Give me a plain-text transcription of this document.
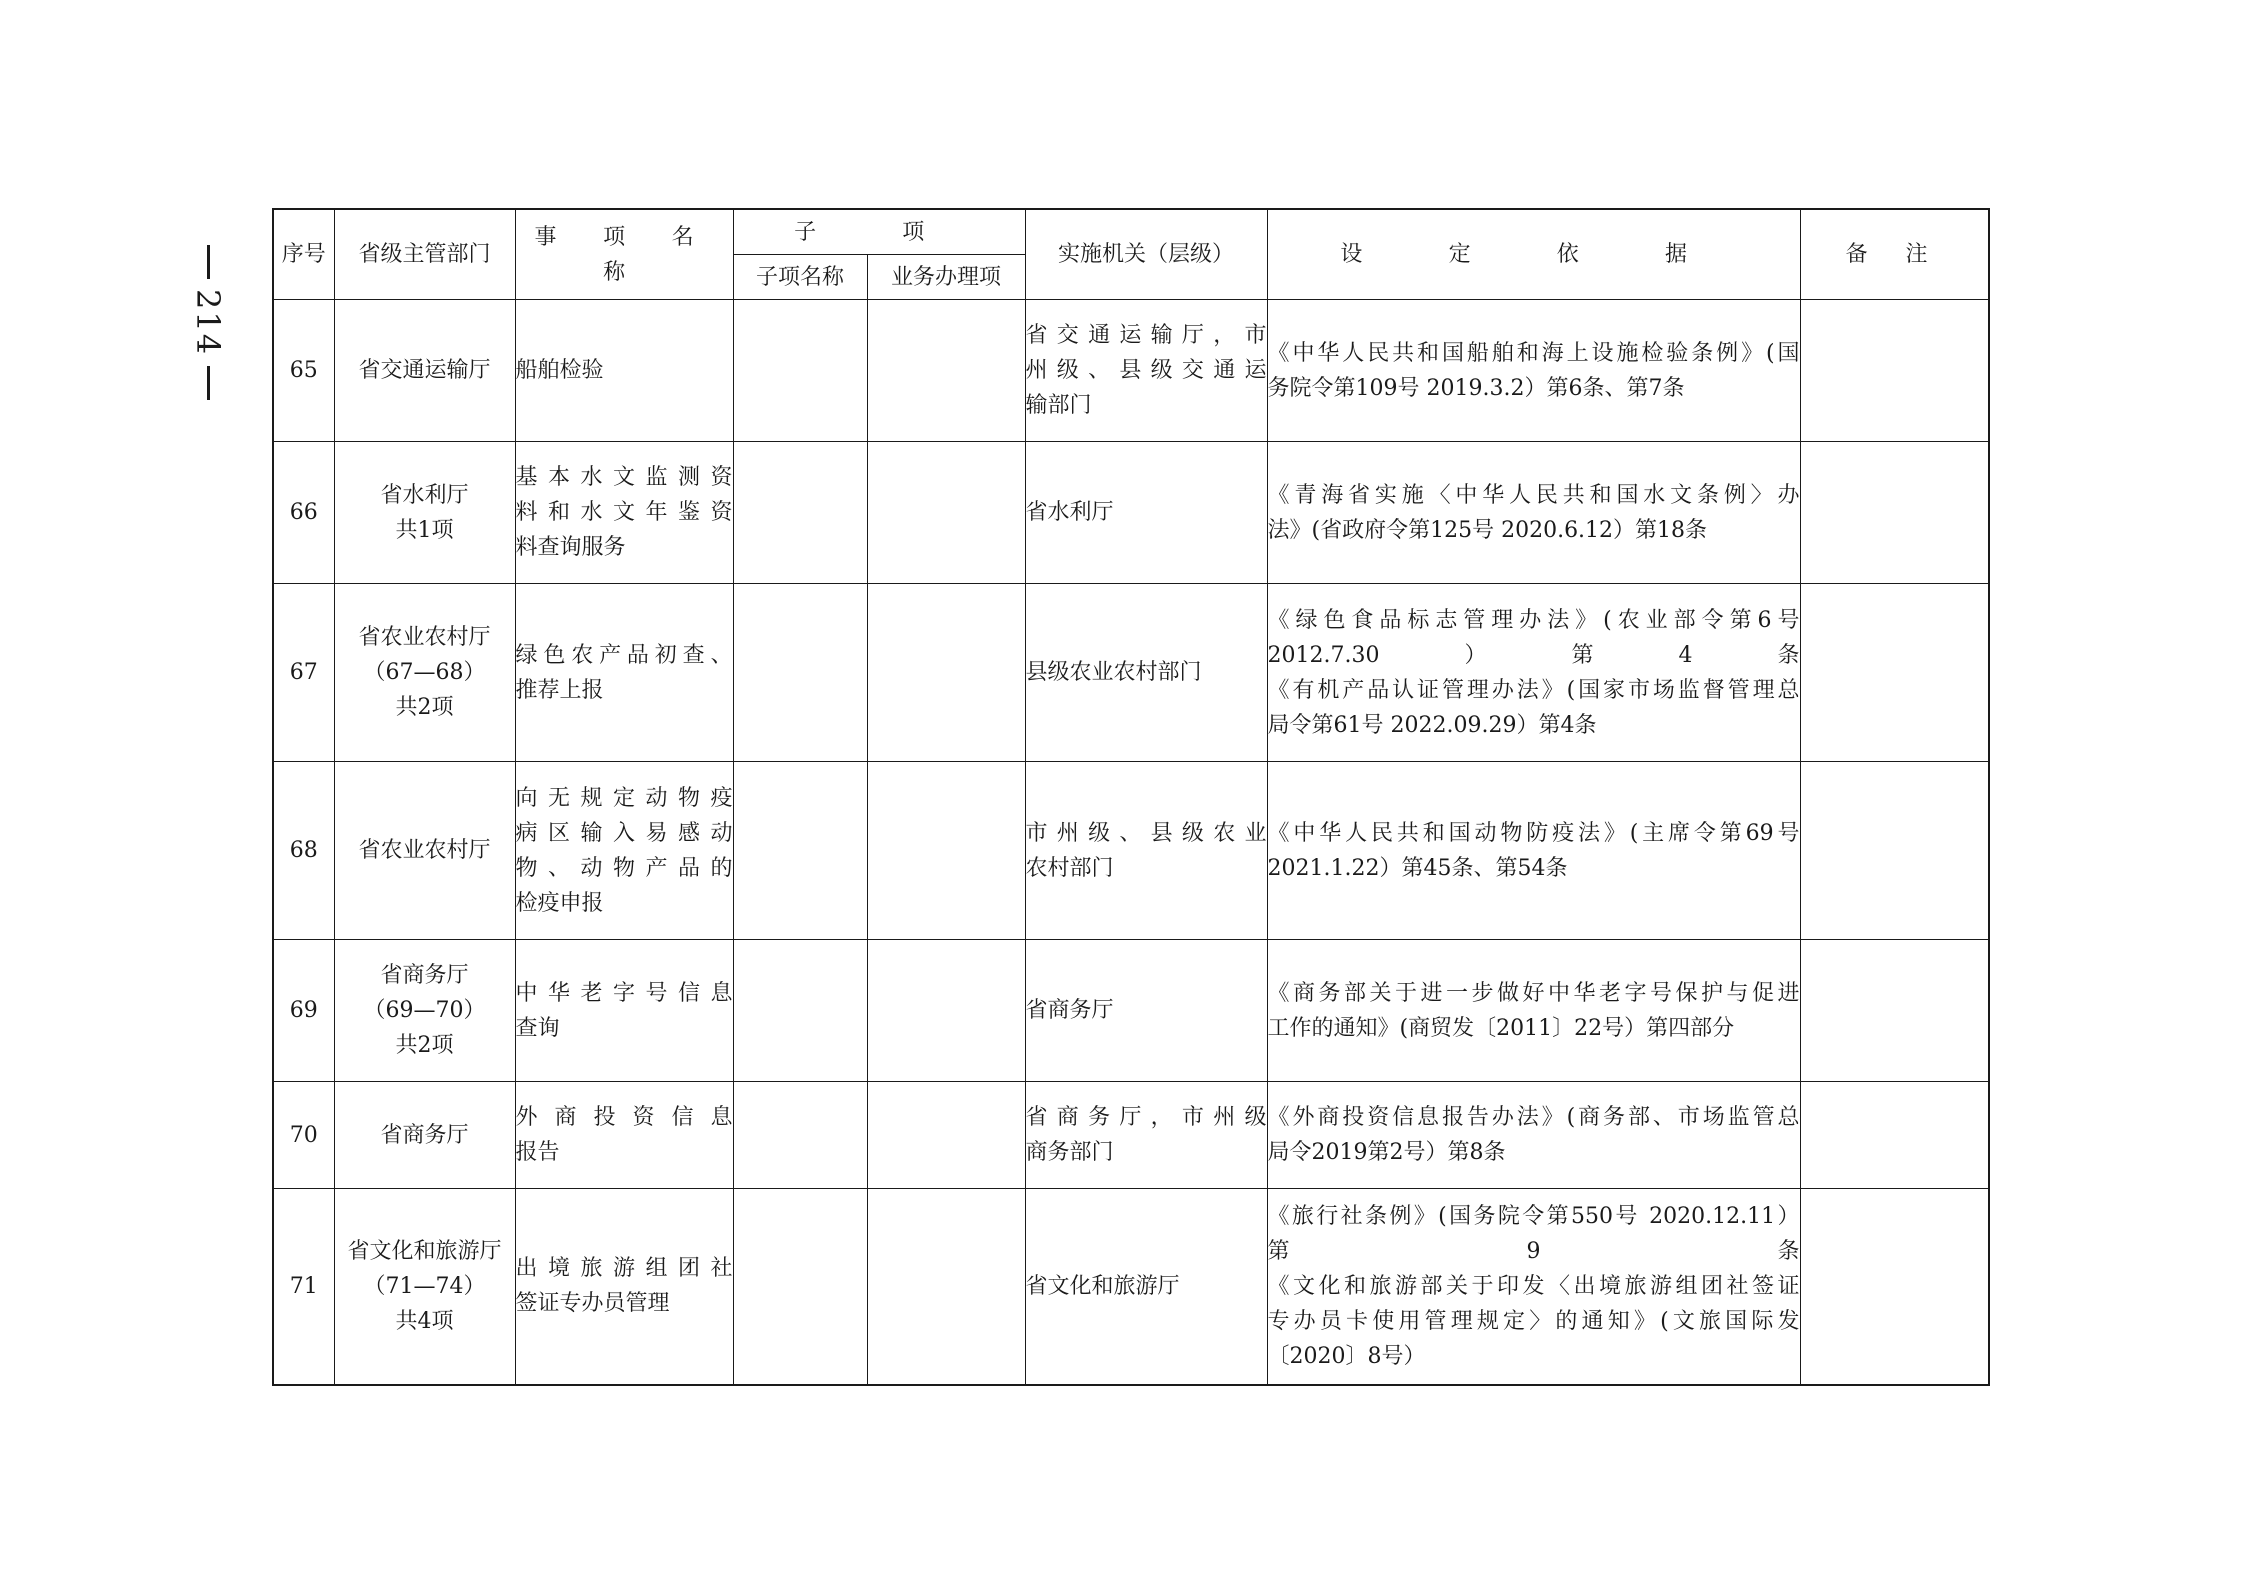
214
序号	省级主管部门	事 项 名 称	子 项		实施机关（层级）	设 定 依 据	备 注
			子项名称	业务办理项			
65	省交通运输厅	船舶检验			省交通运输厅，市
州级、县级交通运
输部门	《中华人民共和国船舶和海上设施检验条例》(国
务院令第109号 2019.3.2）第6条、第7条	

66	省水利厅
共1项	基本水文监测资
料和水文年鉴资
料查询服务			省水利厅	《青海省实施〈中华人民共和国水文条例〉办
法》(省政府令第125号 2020.6.12）第18条	

67	省农业农村厅
（67—68）
共2项	绿色农产品初查、
推荐上报			县级农业农村部门	《绿色食品标志管理办法》(农业部令第6号
2012.7.30）第4条
《有机产品认证管理办法》(国家市场监督管理总
局令第61号 2022.09.29）第4条	

68	省农业农村厅	向无规定动物疫
病区输入易感动
物、动物产品的
检疫申报			市州级、县级农业
农村部门	《中华人民共和国动物防疫法》(主席令第69号
2021.1.22）第45条、第54条	

69	省商务厅
（69—70）
共2项	中华老字号信息
查询			省商务厅	《商务部关于进一步做好中华老字号保护与促进
工作的通知》(商贸发〔2011〕22号）第四部分	

70	省商务厅	外商投资信息
报告			省商务厅，市州级
商务部门	《外商投资信息报告办法》(商务部、市场监管总
局令2019第2号）第8条	

71	省文化和旅游厅
（71—74）
共4项	出境旅游组团社
签证专办员管理			省文化和旅游厅	《旅行社条例》(国务院令第550号 2020.12.11）
第9条
《文化和旅游部关于印发〈出境旅游组团社签证
专办员卡使用管理规定〉的通知》(文旅国际发
〔2020〕8号）	
